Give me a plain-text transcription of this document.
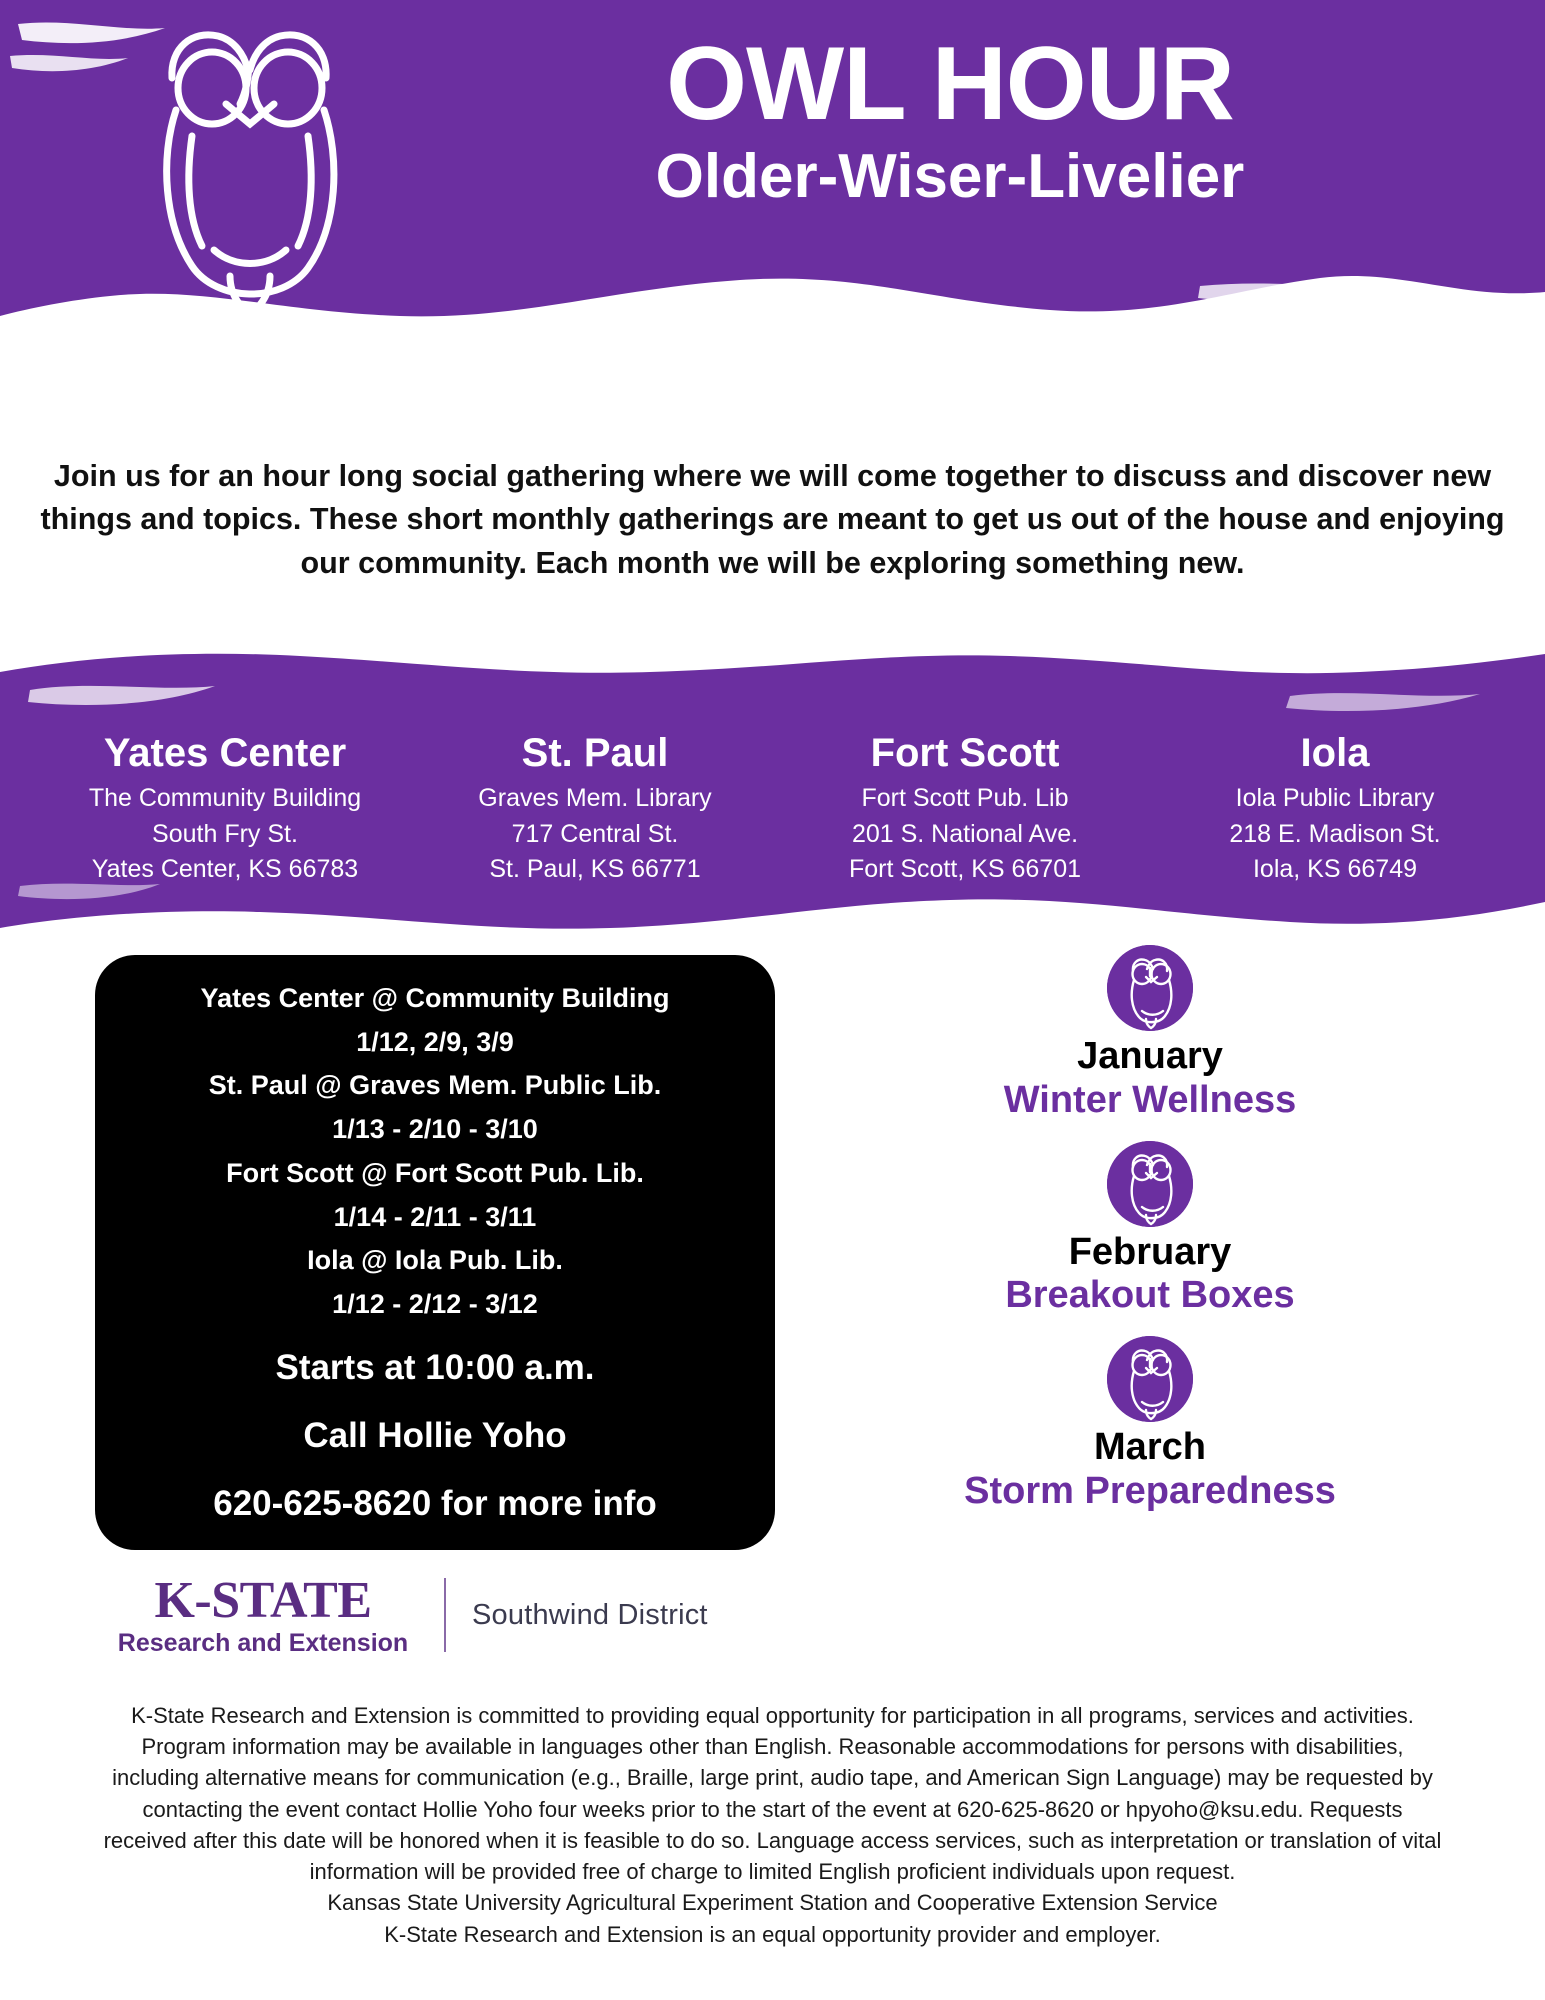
OWL HOUR
Older-Wiser-Livelier
Join us for an hour long social gathering where we will come together to discuss and discover new things and topics. These short monthly gatherings are meant to get us out of the house and enjoying our community. Each month we will be exploring something new.
Yates Center
The Community Building
South Fry St.
Yates Center, KS 66783
St. Paul
Graves Mem. Library
717 Central St.
St. Paul, KS 66771
Fort Scott
Fort Scott Pub. Lib
201 S. National Ave.
Fort Scott, KS 66701
Iola
Iola Public Library
218 E. Madison St.
Iola, KS 66749
Yates Center @ Community Building
1/12, 2/9, 3/9
St. Paul @ Graves Mem. Public Lib.
1/13 - 2/10 - 3/10
Fort Scott @ Fort Scott Pub. Lib.
1/14 - 2/11 - 3/11
Iola @ Iola Pub. Lib.
1/12 - 2/12 - 3/12
Starts at 10:00 a.m.
Call Hollie Yoho
620-625-8620 for more info
January
Winter Wellness
February
Breakout Boxes
March
Storm Preparedness
K-STATE
Research and Extension
Southwind District

K-State Research and Extension is committed to providing equal opportunity for participation in all programs, services and activities.

Program information may be available in languages other than English. Reasonable accommodations for persons with disabilities,

including alternative means for communication (e.g., Braille, large print, audio tape, and American Sign Language) may be requested by

contacting the event contact Hollie Yoho four weeks prior to the start of the event at 620-625-8620 or hpyoho@ksu.edu. Requests

received after this date will be honored when it is feasible to do so. Language access services, such as interpretation or translation of vital

information will be provided free of charge to limited English proficient individuals upon request.

Kansas State University Agricultural Experiment Station and Cooperative Extension Service

K-State Research and Extension is an equal opportunity provider and employer.
